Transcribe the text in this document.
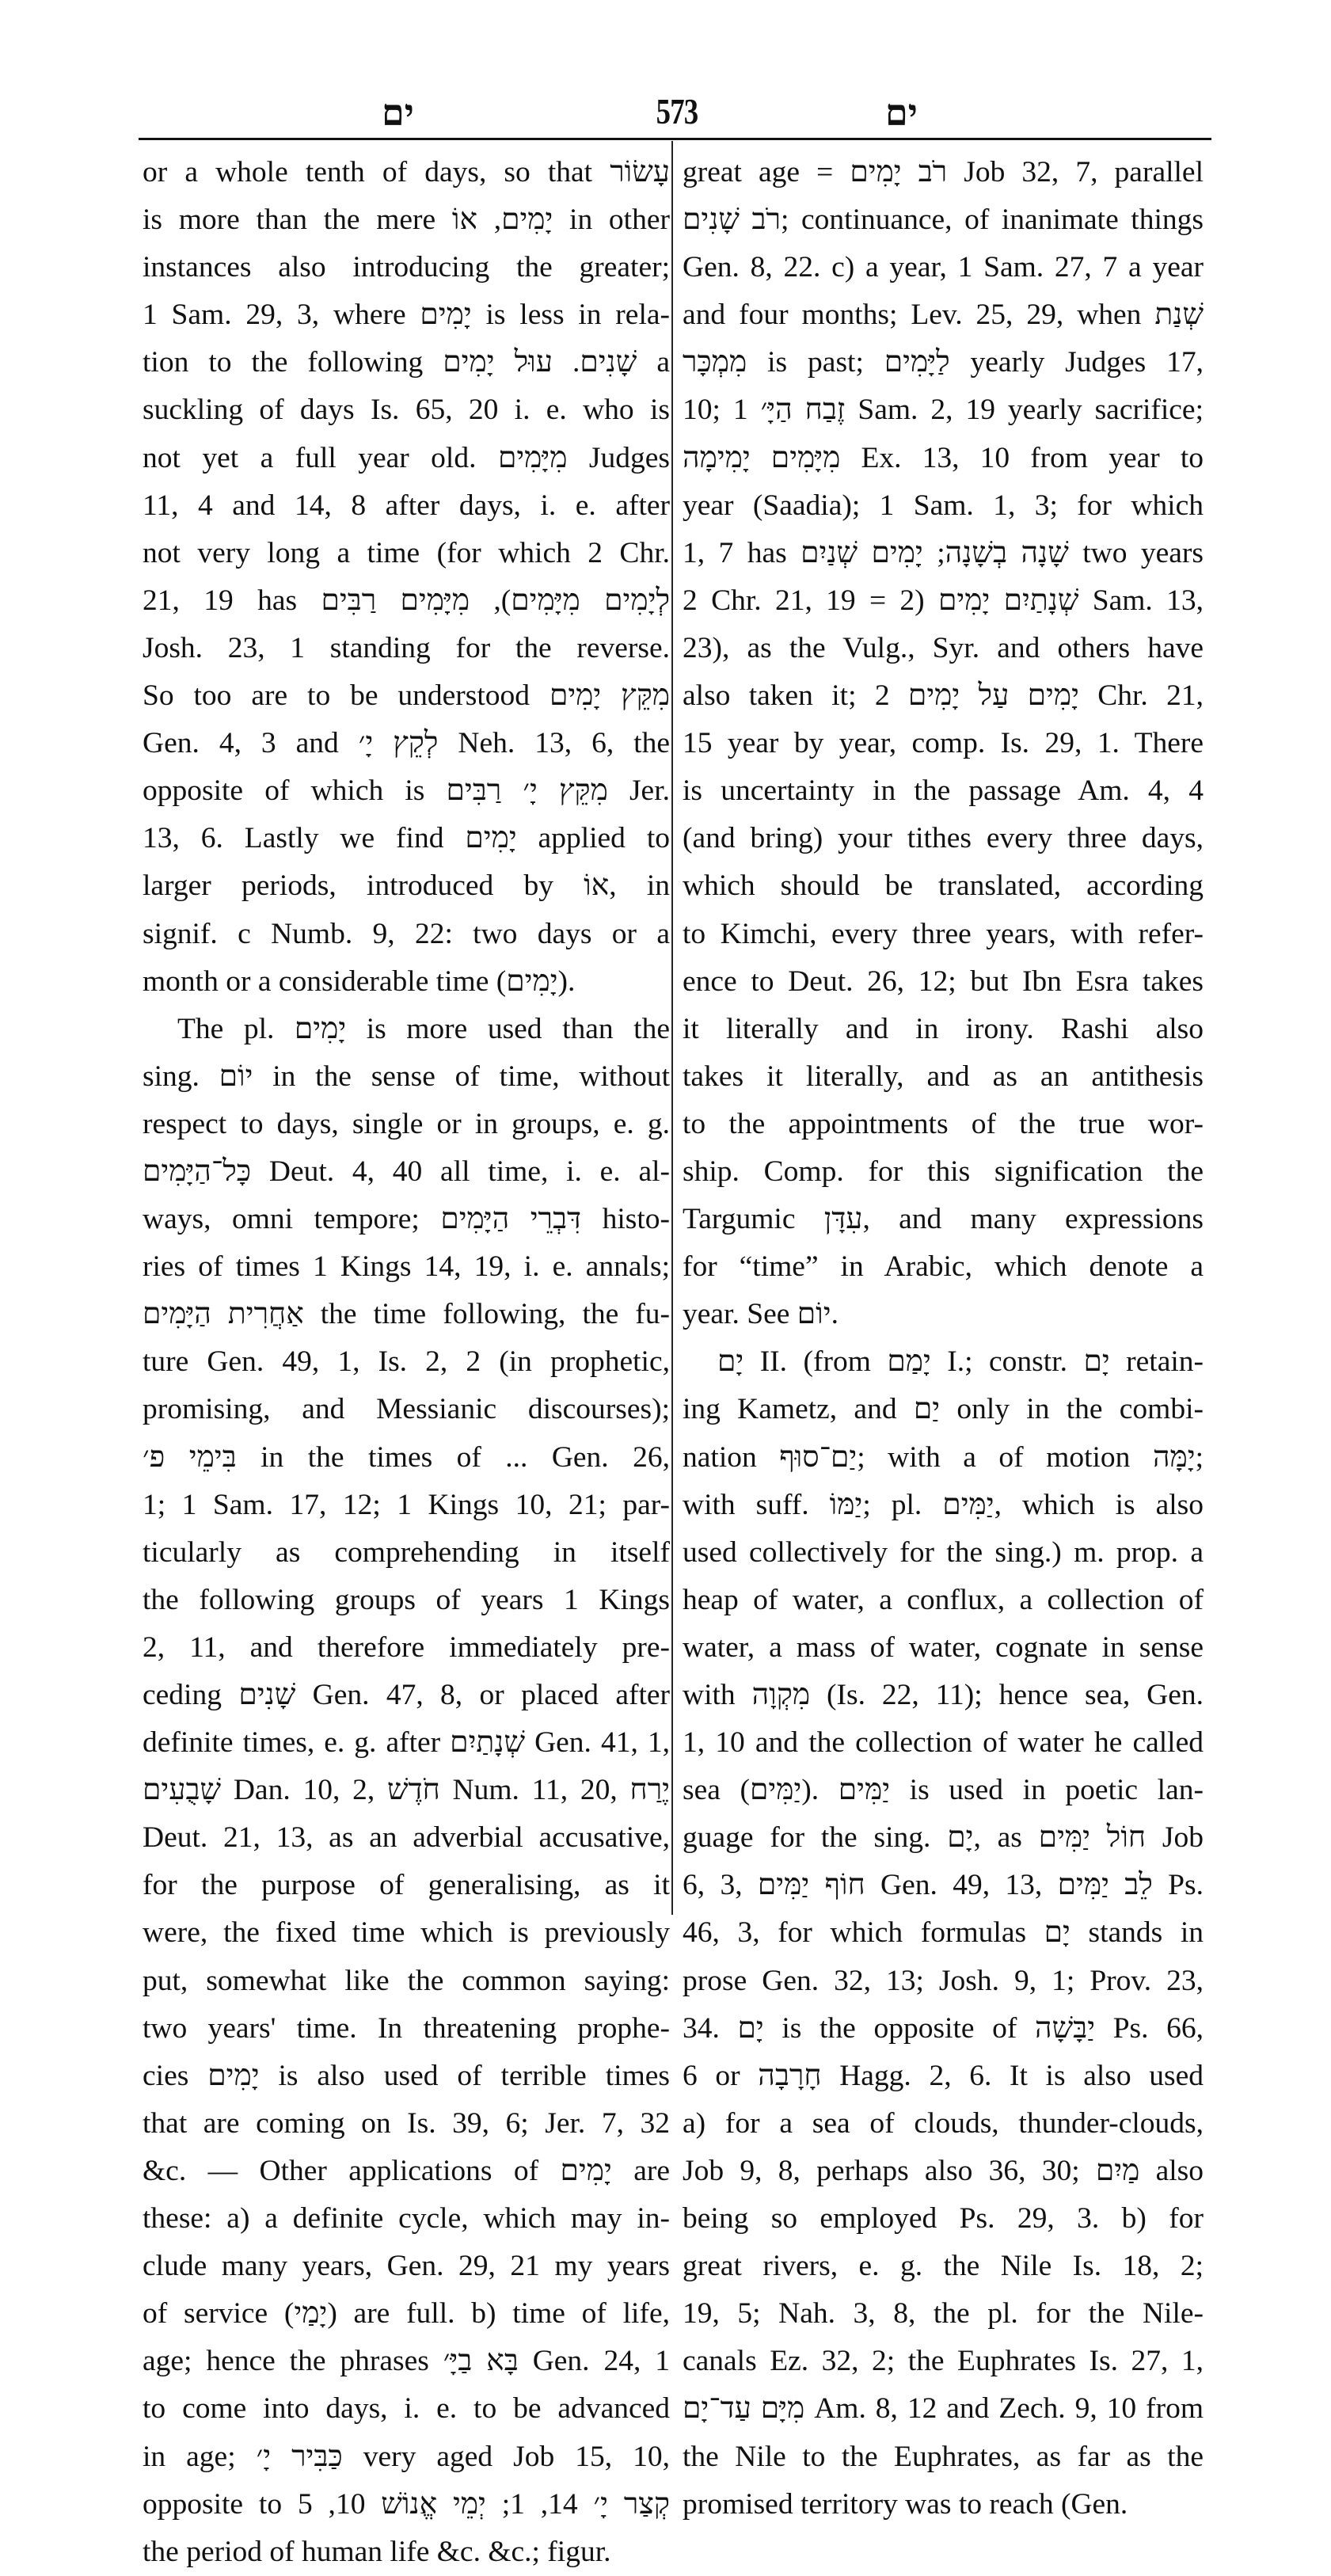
ים	573	ים
or a whole tenth of days, so that עָשׂוֹר
is more than the mere יָמִים, אוֹ in other
instances also introducing the greater;
1 Sam. 29, 3, where יָמִים is less in rela-
tion to the following שָׁנִים. עוּל יָמִים a
suckling of days Is. 65, 20 i. e. who is
not yet a full year old. מִיָּמִים Judges
11, 4 and 14, 8 after days, i. e. after
not very long a time (for which 2 Chr.
21, 19 has לְיָמִים מִיָּמִים), מִיָּמִים רַבִּים
Josh. 23, 1 standing for the reverse.
So too are to be understood מִקֵּץ יָמִים
Gen. 4, 3 and לְקֵץ יָ׳ Neh. 13, 6, the
opposite of which is מִקֵּץ יָ׳ רַבִּים Jer.
13, 6. Lastly we find יָמִים applied to
larger periods, introduced by אוֹ, in
signif. c Numb. 9, 22: two days or a
month or a considerable time (יָמִים).
The pl. יָמִים is more used than the
sing. יוֹם in the sense of time, without
respect to days, single or in groups, e. g.
כָּל־הַיָּמִים Deut. 4, 40 all time, i. e. al-
ways, omni tempore; דִּבְרֵי הַיָּמִים histo-
ries of times 1 Kings 14, 19, i. e. annals;
אַחֲרִית הַיָּמִים the time following, the fu-
ture Gen. 49, 1, Is. 2, 2 (in prophetic,
promising, and Messianic discourses);
בִּימֵי פ׳ in the times of ... Gen. 26,
1; 1 Sam. 17, 12; 1 Kings 10, 21; par-
ticularly as comprehending in itself
the following groups of years 1 Kings
2, 11, and therefore immediately pre-
ceding שָׁנִים Gen. 47, 8, or placed after
definite times, e. g. after שְׁנָתַיִם Gen. 41, 1,
שָׁבֻעִים Dan. 10, 2, חֹדֶשׁ Num. 11, 20, יֶרַח
Deut. 21, 13, as an adverbial accusative,
for the purpose of generalising, as it
were, the fixed time which is previously
put, somewhat like the common saying:
two years' time. In threatening prophe-
cies יָמִים is also used of terrible times
that are coming on Is. 39, 6; Jer. 7, 32
&c. — Other applications of יָמִים are
these: a) a definite cycle, which may in-
clude many years, Gen. 29, 21 my years
of service (יָמַי) are full. b) time of life,
age; hence the phrases בָּא בַיָּ׳ Gen. 24, 1
to come into days, i. e. to be advanced
in age; כַּבִּיר יָ׳ very aged Job 15, 10,
opposite to קְצַר יָ׳ 14, 1; יְמֵי אֱנוֹשׁ 10, 5
the period of human life &c. &c.; figur.
great age = רֹב יָמִים Job 32, 7, parallel
רֹב שָׁנִים; continuance, of inanimate things
Gen. 8, 22. c) a year, 1 Sam. 27, 7 a year
and four months; Lev. 25, 29, when שְׁנַת
מִמְכָּר is past; לַיָּמִים yearly Judges 17,
10; זֶבַח הַיָּ׳ 1 Sam. 2, 19 yearly sacrifice;
מִיָּמִים יָמִימָה Ex. 13, 10 from year to
year (Saadia); 1 Sam. 1, 3; for which
1, 7 has שָׁנָה בְשָׁנָה; יָמִים שְׁנַיִם two years
2 Chr. 21, 19 = שְׁנָתַיִם יָמִים (2 Sam. 13,
23), as the Vulg., Syr. and others have
also taken it; יָמִים עַל יָמִים 2 Chr. 21,
15 year by year, comp. Is. 29, 1. There
is uncertainty in the passage Am. 4, 4
(and bring) your tithes every three days,
which should be translated, according
to Kimchi, every three years, with refer-
ence to Deut. 26, 12; but Ibn Esra takes
it literally and in irony. Rashi also
takes it literally, and as an antithesis
to the appointments of the true wor-
ship. Comp. for this signification the
Targumic עִדָּן, and many expressions
for “time” in Arabic, which denote a
year. See יוֹם.
יָם II. (from יָמַם I.; constr. יָם retain-
ing Kametz, and יַם only in the combi-
nation יַם־סוּף; with a of motion יָמָּה;
with suff. יַמּוֹ; pl. יַמִּים, which is also
used collectively for the sing.) m. prop. a
heap of water, a conflux, a collection of
water, a mass of water, cognate in sense
with מִקְוָה (Is. 22, 11); hence sea, Gen.
1, 10 and the collection of water he called
sea (יַמִּים). יַמִּים is used in poetic lan-
guage for the sing. יָם, as חוֹל יַמִּים Job
6, 3, חוֹף יַמִּים Gen. 49, 13, לֵב יַמִּים Ps.
46, 3, for which formulas יָם stands in
prose Gen. 32, 13; Josh. 9, 1; Prov. 23,
34. יָם is the opposite of יַבָּשָׁה Ps. 66,
6 or חָרָבָה Hagg. 2, 6. It is also used
a) for a sea of clouds, thunder-clouds,
Job 9, 8, perhaps also 36, 30; מַיִם also
being so employed Ps. 29, 3. b) for
great rivers, e. g. the Nile Is. 18, 2;
19, 5; Nah. 3, 8, the pl. for the Nile-
canals Ez. 32, 2; the Euphrates Is. 27, 1,
מִיָּם עַד־יָם Am. 8, 12 and Zech. 9, 10 from
the Nile to the Euphrates, as far as the
promised territory was to reach (Gen.
